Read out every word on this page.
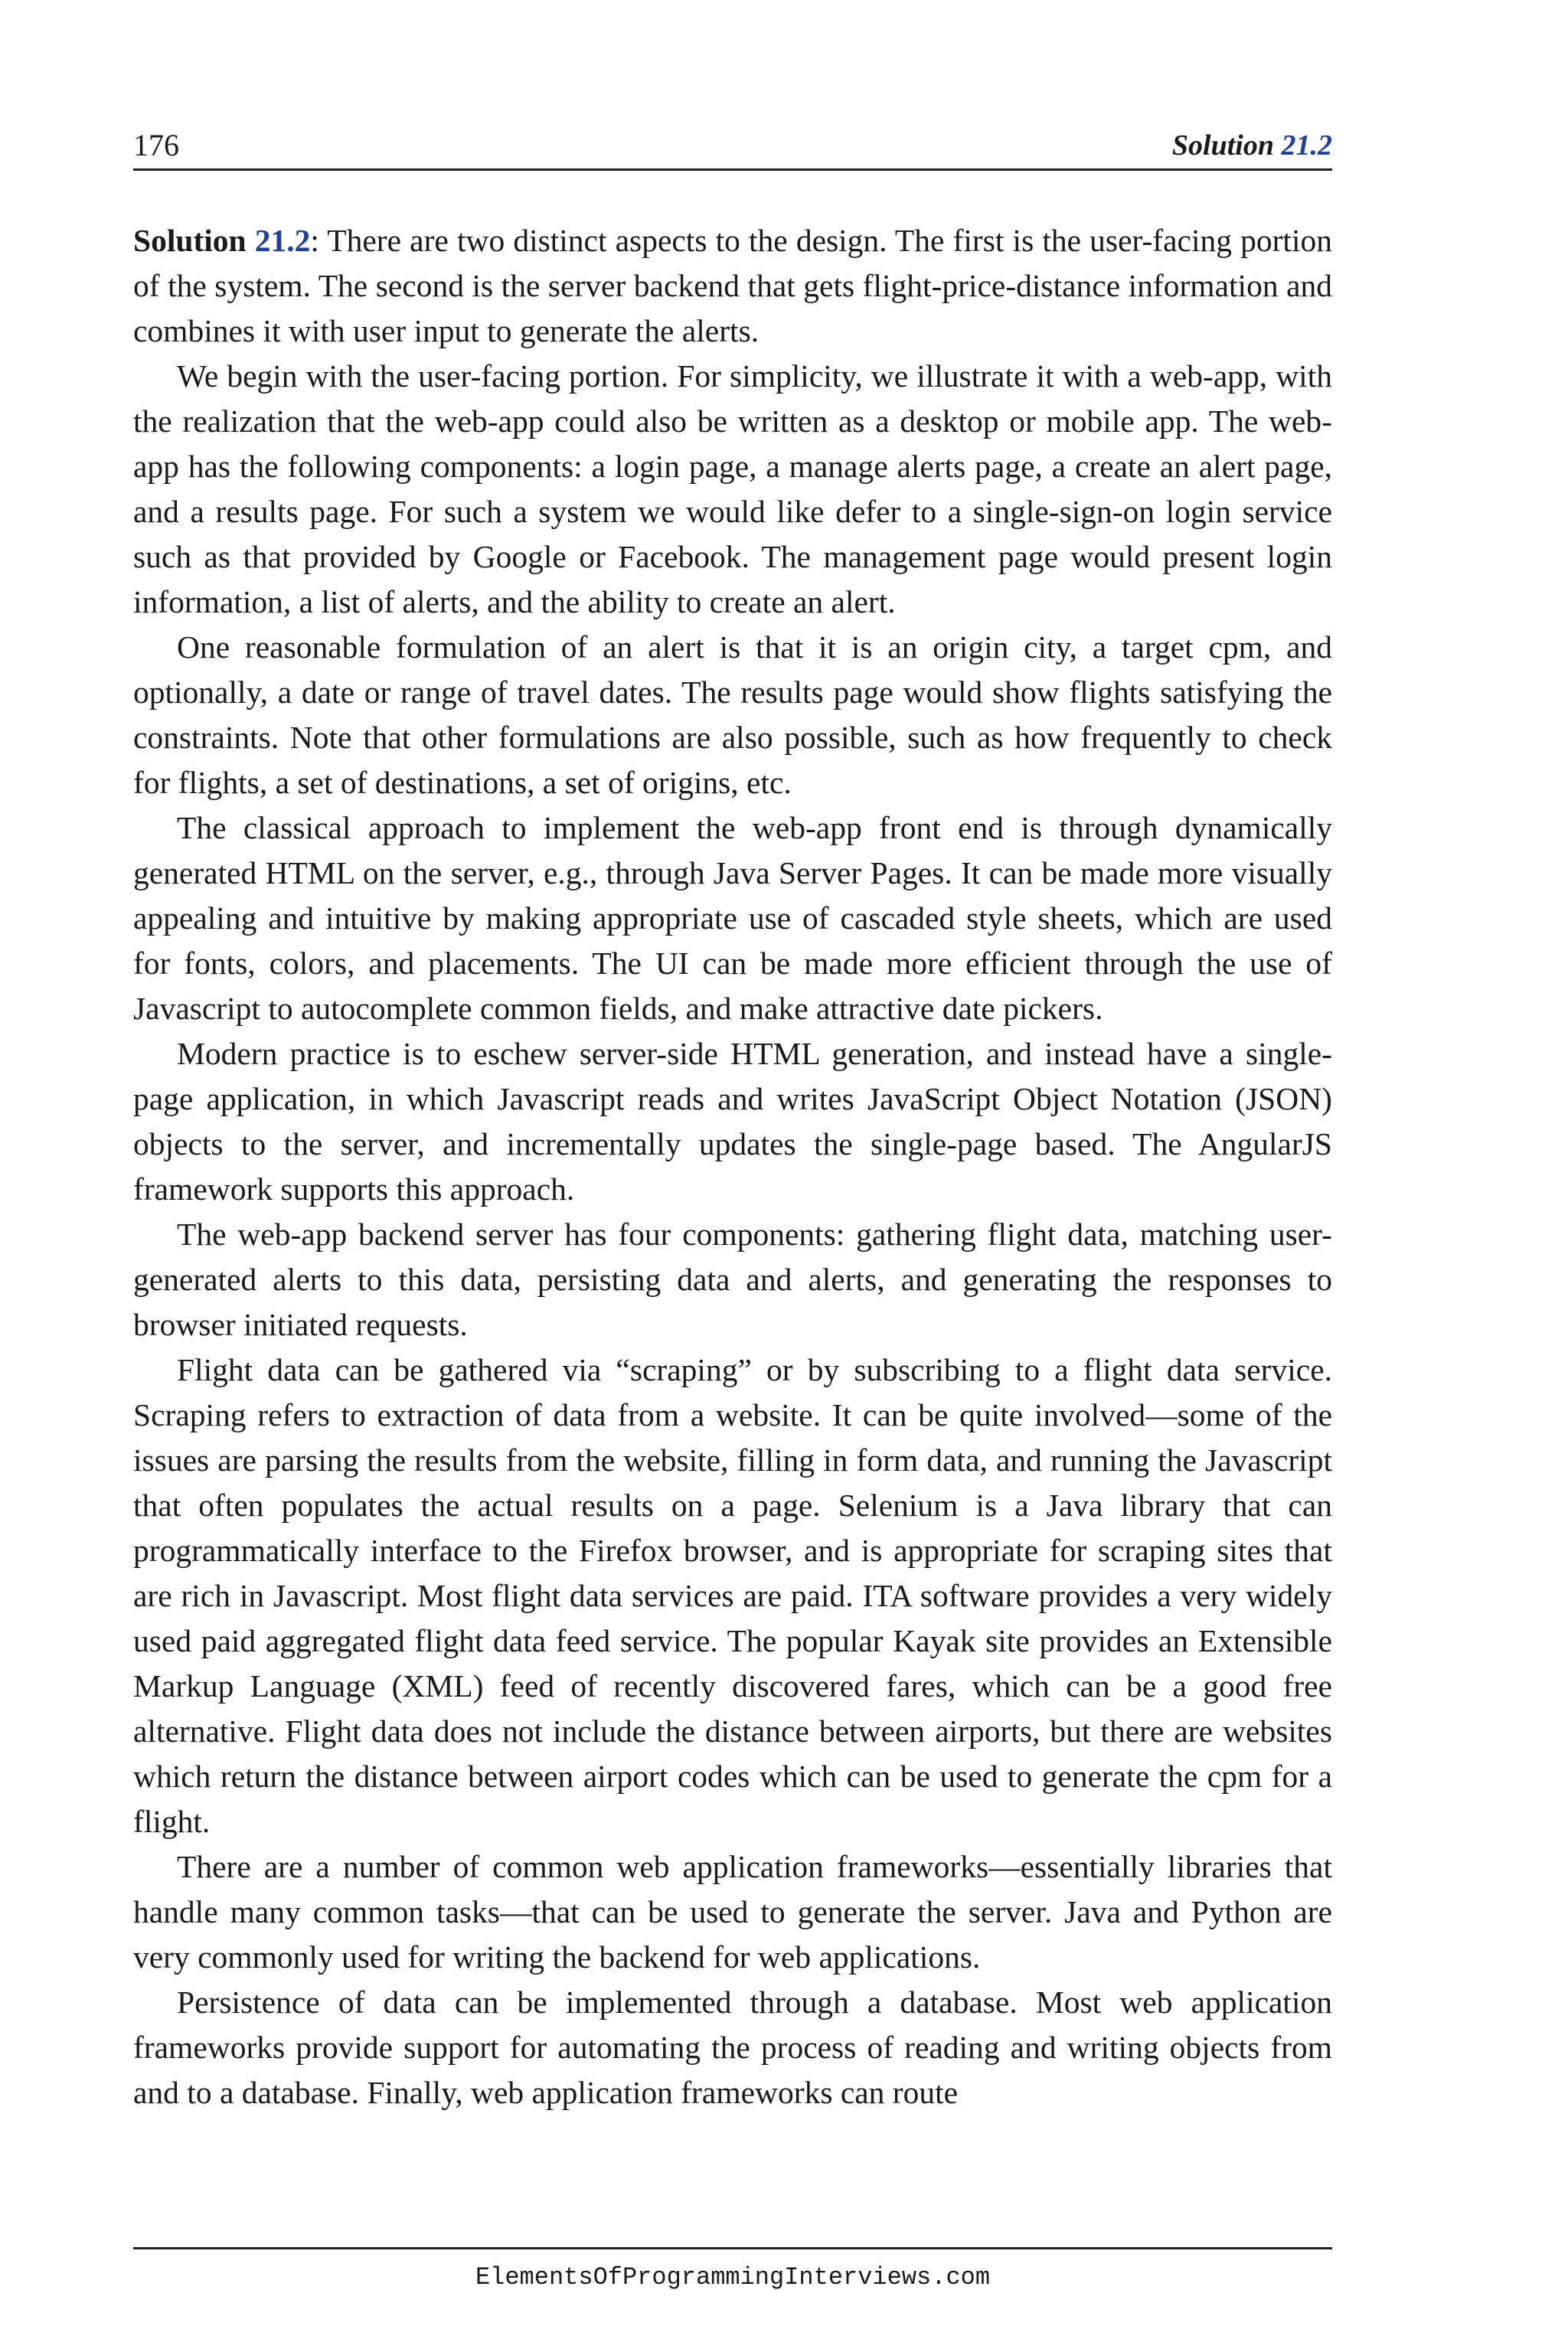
176	Solution 21.2

Solution 21.2: There are two distinct aspects to the design. The first is the user-facing portion of the system. The second is the server backend that gets flight-price-distance information and combines it with user input to generate the alerts.

We begin with the user-facing portion. For simplicity, we illustrate it with a web-app, with the realization that the web-app could also be written as a desktop or mobile app. The web-app has the following components: a login page, a manage alerts page, a create an alert page, and a results page. For such a system we would like defer to a single-sign-on login service such as that provided by Google or Facebook. The management page would present login information, a list of alerts, and the ability to create an alert.

One reasonable formulation of an alert is that it is an origin city, a target cpm, and optionally, a date or range of travel dates. The results page would show flights satisfying the constraints. Note that other formulations are also possible, such as how frequently to check for flights, a set of destinations, a set of origins, etc.

The classical approach to implement the web-app front end is through dynamically generated HTML on the server, e.g., through Java Server Pages. It can be made more visually appealing and intuitive by making appropriate use of cascaded style sheets, which are used for fonts, colors, and placements. The UI can be made more efficient through the use of Javascript to autocomplete common fields, and make attractive date pickers.

Modern practice is to eschew server-side HTML generation, and instead have a single-page application, in which Javascript reads and writes JavaScript Object Notation (JSON) objects to the server, and incrementally updates the single-page based. The AngularJS framework supports this approach.

The web-app backend server has four components: gathering flight data, matching user-generated alerts to this data, persisting data and alerts, and generating the responses to browser initiated requests.

Flight data can be gathered via “scraping” or by subscribing to a flight data service. Scraping refers to extraction of data from a website. It can be quite involved—some of the issues are parsing the results from the website, filling in form data, and running the Javascript that often populates the actual results on a page. Selenium is a Java library that can programmatically interface to the Firefox browser, and is appropriate for scraping sites that are rich in Javascript. Most flight data services are paid. ITA software provides a very widely used paid aggregated flight data feed service. The popular Kayak site provides an Extensible Markup Language (XML) feed of recently discovered fares, which can be a good free alternative. Flight data does not include the distance between airports, but there are websites which return the distance between airport codes which can be used to generate the cpm for a flight.

There are a number of common web application frameworks—essentially libraries that handle many common tasks—that can be used to generate the server. Java and Python are very commonly used for writing the backend for web applications.

Persistence of data can be implemented through a database. Most web application frameworks provide support for automating the process of reading and writing objects from and to a database. Finally, web application frameworks can route

ElementsOfProgrammingInterviews.com
